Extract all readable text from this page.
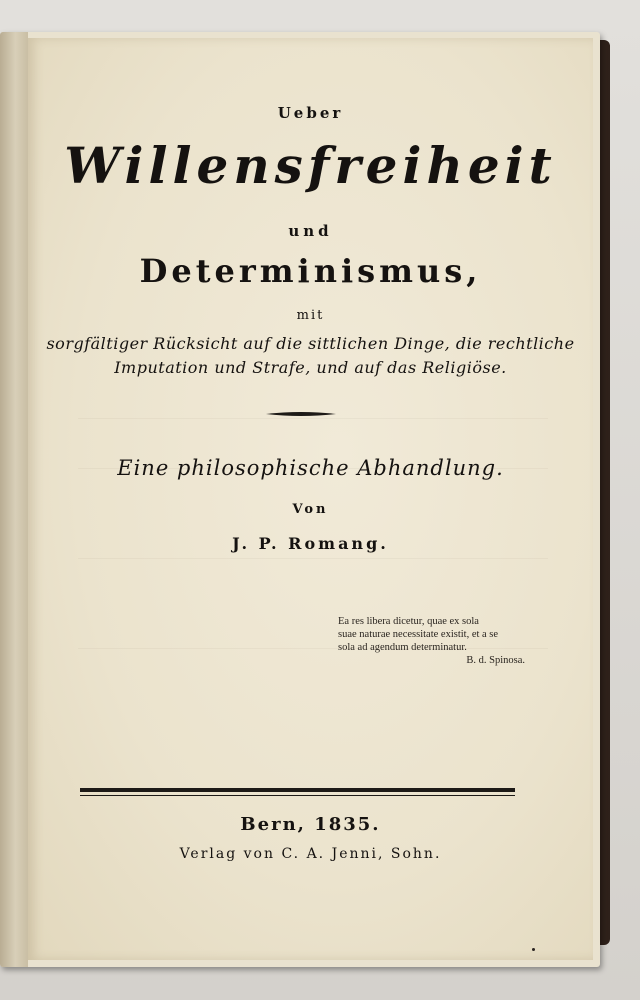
Ueber
Willensfreiheit
und
Determinismus,
mit
sorgfältiger Rücksicht auf die sittlichen Dinge, die rechtliche
Imputation und Strafe, und auf das Religiöse.
Eine philosophische Abhandlung.
Von
J. P. Romang.
Ea res libera dicetur, quae ex sola
suae naturae necessitate existit, et a se
sola ad agendum determinatur.
B. d. Spinosa.
Bern, 1835.
Verlag von C. A. Jenni, Sohn.
